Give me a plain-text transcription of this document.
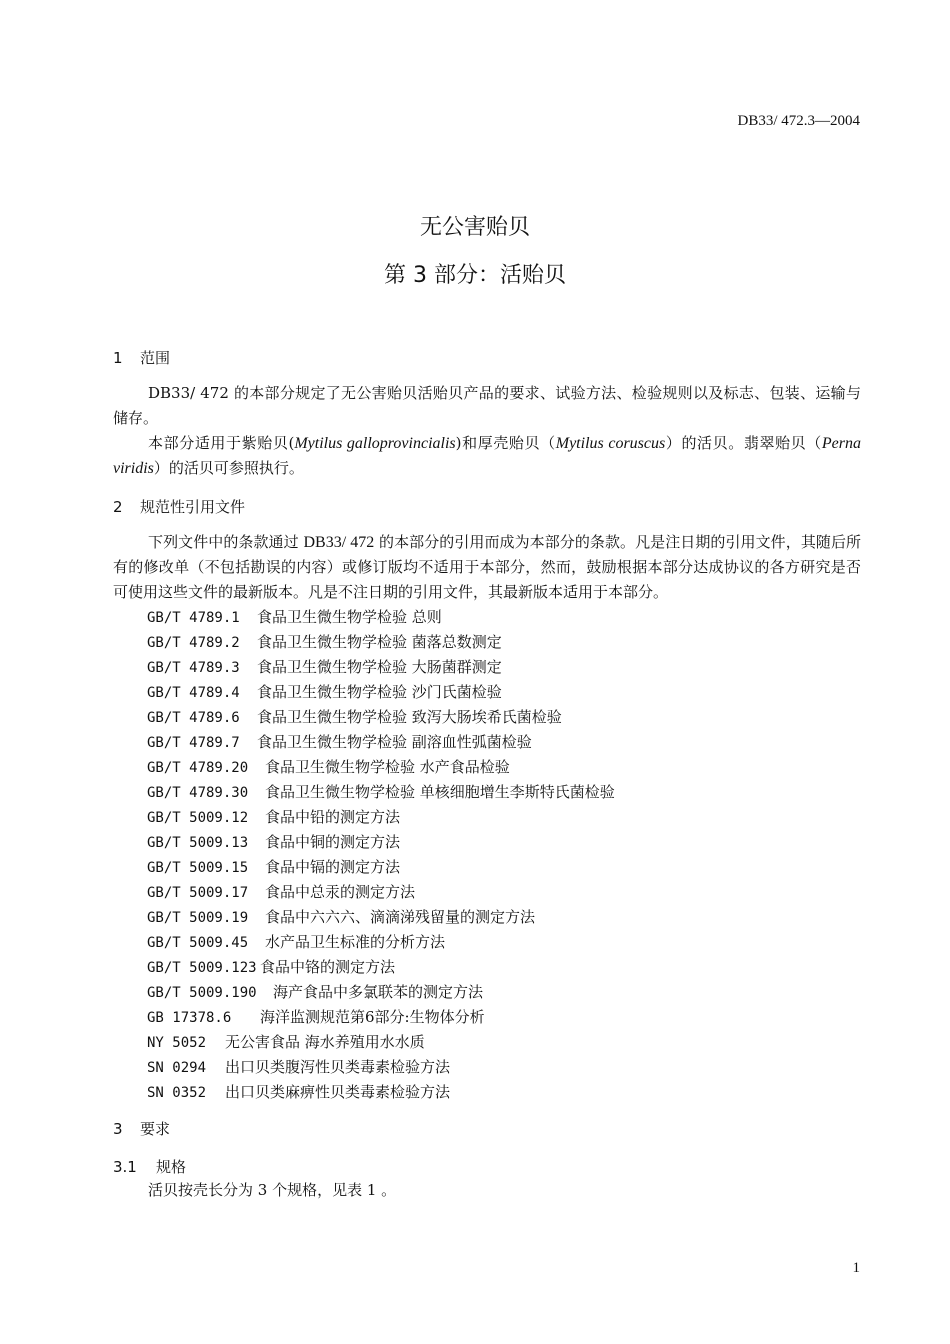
DB33/ 472.3—2004
无公害贻贝
第 3 部分：活贻贝
1 范围
DB33/ 472 的本部分规定了无公害贻贝活贻贝产品的要求、试验方法、检验规则以及标志、包装、运输与储存。
本部分适用于紫贻贝(Mytilus galloprovincialis)和厚壳贻贝（Mytilus coruscus）的活贝。翡翠贻贝（Perna viridis）的活贝可参照执行。
2 规范性引用文件
下列文件中的条款通过 DB33/ 472 的本部分的引用而成为本部分的条款。凡是注日期的引用文件，其随后所有的修改单（不包括勘误的内容）或修订版均不适用于本部分，然而，鼓励根据本部分达成协议的各方研究是否可使用这些文件的最新版本。凡是不注日期的引用文件，其最新版本适用于本部分。
GB/T 4789.1 食品卫生微生物学检验 总则
GB/T 4789.2 食品卫生微生物学检验 菌落总数测定
GB/T 4789.3 食品卫生微生物学检验 大肠菌群测定
GB/T 4789.4 食品卫生微生物学检验 沙门氏菌检验
GB/T 4789.6 食品卫生微生物学检验 致泻大肠埃希氏菌检验
GB/T 4789.7 食品卫生微生物学检验 副溶血性弧菌检验
GB/T 4789.20 食品卫生微生物学检验 水产食品检验
GB/T 4789.30 食品卫生微生物学检验 单核细胞增生李斯特氏菌检验
GB/T 5009.12 食品中铅的测定方法
GB/T 5009.13 食品中铜的测定方法
GB/T 5009.15 食品中镉的测定方法
GB/T 5009.17 食品中总汞的测定方法
GB/T 5009.19 食品中六六六、滴滴涕残留量的测定方法
GB/T 5009.45 水产品卫生标准的分析方法
GB/T 5009.123 食品中铬的测定方法
GB/T 5009.190 海产食品中多氯联苯的测定方法
GB 17378.6 海洋监测规范第6部分:生物体分析
NY 5052 无公害食品 海水养殖用水水质
SN 0294 出口贝类腹泻性贝类毒素检验方法
SN 0352 出口贝类麻痹性贝类毒素检验方法
3 要求
3.1 规格
活贝按壳长分为 3 个规格，见表 1 。
1
